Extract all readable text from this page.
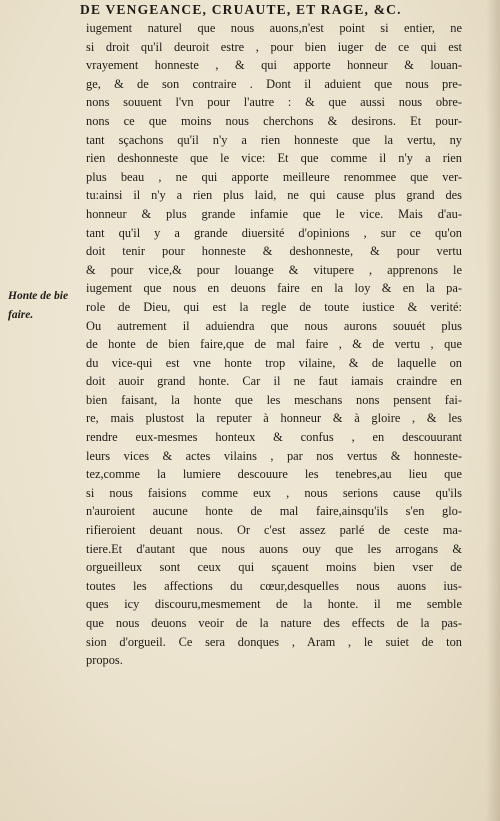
DE VENGEANCE, CRUAUTE, ET RAGE, &C.
Honte de bie
faire.
iugement naturel que nous auons,n'est point si entier, ne
si droit qu'il deuroit estre , pour bien iuger de ce qui est
vrayement honneste , & qui apporte honneur & louan-
ge, & de son contraire . Dont il aduient que nous pre-
nons souuent l'vn pour l'autre : & que aussi nous obre-
nons ce que moins nous cherchons & desirons. Et pour-
tant sçachons qu'il n'y a rien honneste que la vertu, ny
rien deshonneste que le vice: Et que comme il n'y a rien
plus beau , ne qui apporte meilleure renommee que ver-
tu:ainsi il n'y a rien plus laid, ne qui cause plus grand des
honneur & plus grande infamie que le vice. Mais d'au-
tant qu'il y a grande diuersité d'opinions , sur ce qu'on
doit tenir pour honneste & deshonneste, & pour vertu
& pour vice,& pour louange & vitupere , apprenons le
iugement que nous en deuons faire en la loy & en la pa-
role de Dieu, qui est la regle de toute iustice & verité:
Ou autrement il aduiendra que nous aurons souuét plus
de honte de bien faire,que de mal faire , & de vertu , que
du vice-qui est vne honte trop vilaine, & de laquelle on
doit auoir grand honte. Car il ne faut iamais craindre en
bien faisant, la honte que les meschans nons pensent fai-
re, mais plustost la reputer à honneur & à gloire , & les
rendre eux-mesmes honteux & confus , en descouurant
leurs vices & actes vilains , par nos vertus & honneste-
tez,comme la lumiere descouure les tenebres,au lieu que
si nous faisions comme eux , nous serions cause qu'ils
n'auroient aucune honte de mal faire,ainsqu'ils s'en glo-
rifieroient deuant nous. Or c'est assez parlé de ceste ma-
tiere.Et d'autant que nous auons ouy que les arrogans &
orgueilleux sont ceux qui sçauent moins bien vser de
toutes les affections du cœur,desquelles nous auons ius-
ques icy discouru,mesmement de la honte. il me semble
que nous deuons veoir de la nature des effects de la pas-
sion d'orgueil. Ce sera donques , Aram , le suiet de ton
propos.
